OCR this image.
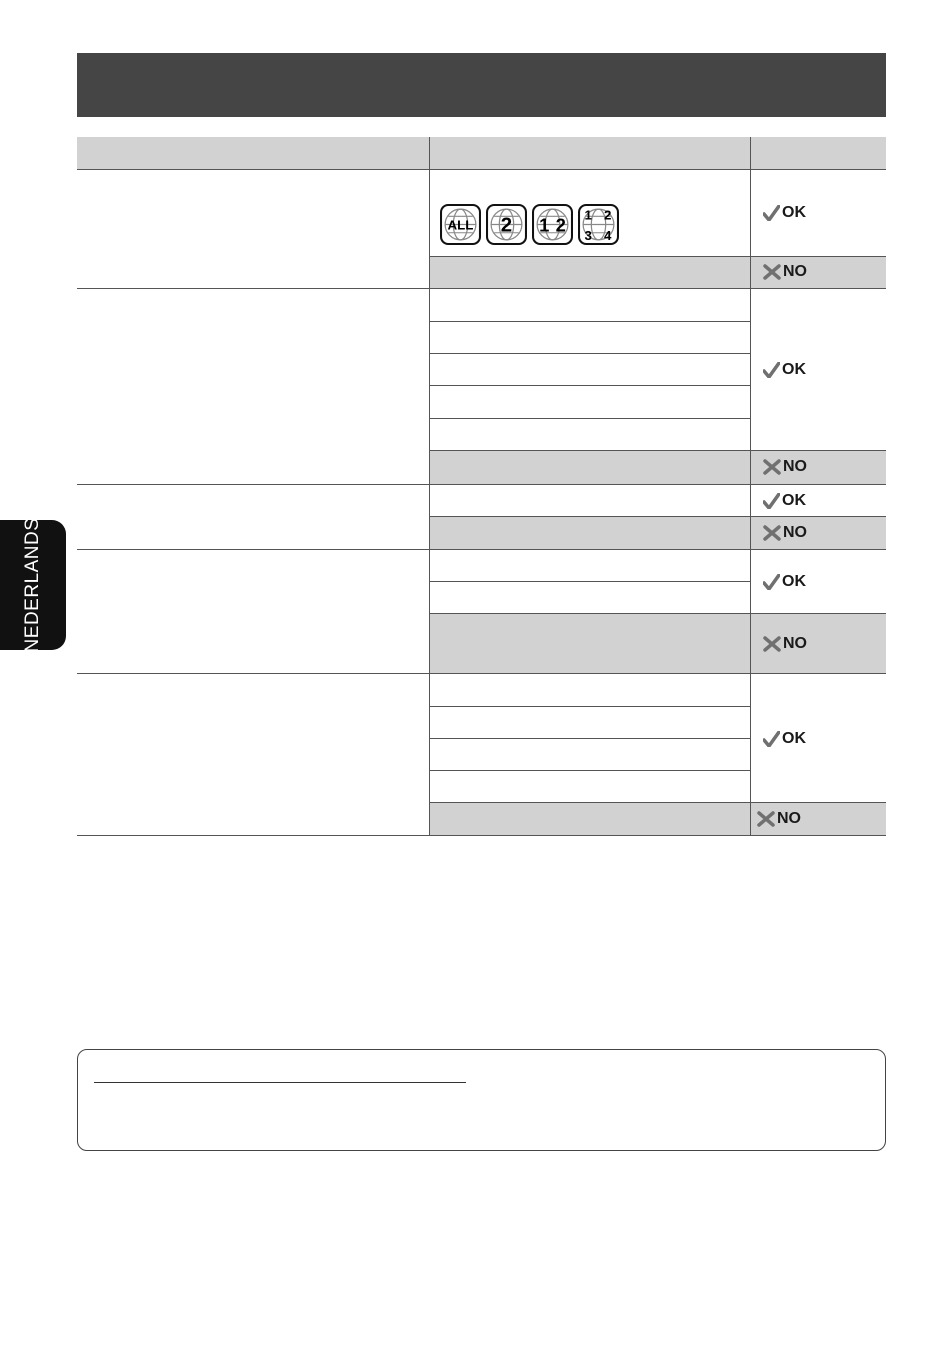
ALL 2 1 2 1 2
3 4
OK
NO
OK
NO
OK
NO
OK
NO
OK
NO
NEDERLANDS
